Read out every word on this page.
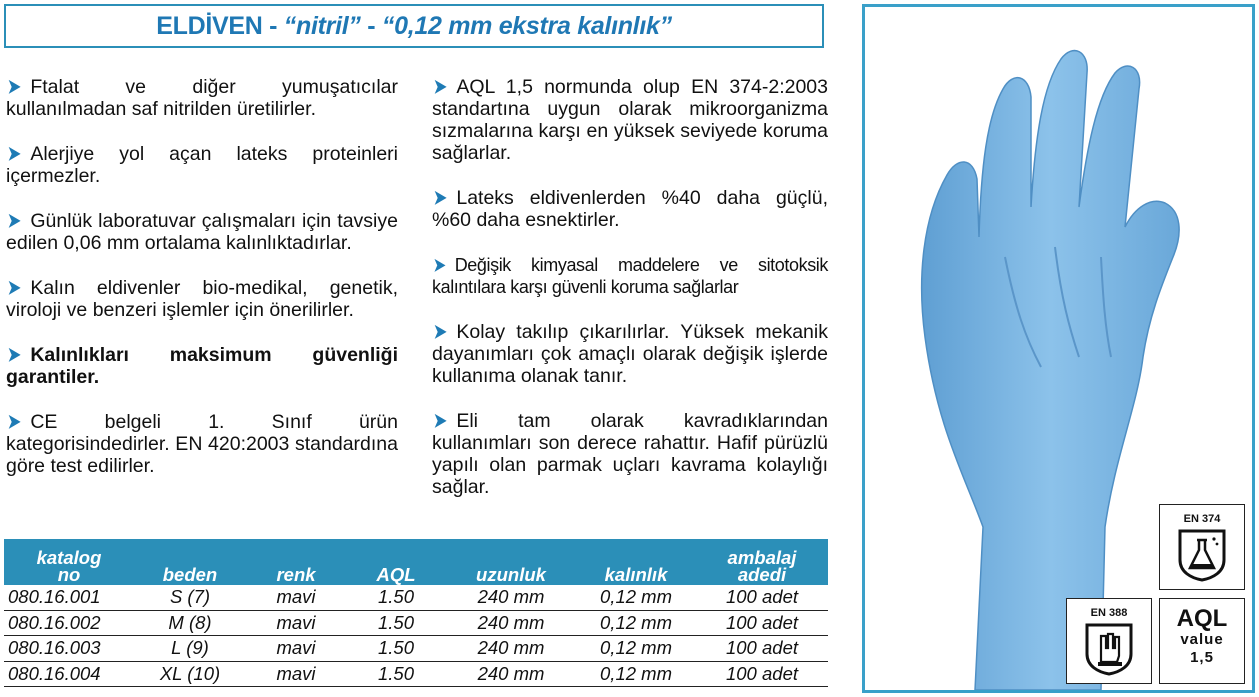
ELDİVEN - “nitril” - “0,12 mm ekstra kalınlık”
➤ Ftalat ve diğer yumuşatıcılar kullanılmadan saf nitrilden üretilirler.
➤ Alerjiye yol açan lateks proteinleri içermezler.
➤ Günlük laboratuvar çalışmaları için tavsiye edilen 0,06 mm ortalama kalınlıktadırlar.
➤ Kalın eldivenler bio-medikal, genetik, viroloji ve benzeri işlemler için önerilirler.
➤ Kalınlıkları maksimum güvenliği garantiler.
➤ CE belgeli 1. Sınıf ürün kategorisindedirler. EN 420:2003 standardına göre test edilirler.
➤ AQL 1,5 normunda olup EN 374-2:2003 standartına uygun olarak mikroorganizma sızmalarına karşı en yüksek seviyede koruma sağlarlar.
➤ Lateks eldivenlerden %40 daha güçlü, %60 daha esnektirler.
➤ Değişik kimyasal maddelere ve sitotoksik kalıntılara karşı güvenli koruma sağlarlar
➤ Kolay takılıp çıkarılırlar. Yüksek mekanik dayanımları çok amaçlı olarak değişik işlerde kullanıma olanak tanır.
➤ Eli tam olarak kavradıklarından kullanımları son derece rahattır. Hafif pürüzlü yapılı olan parmak uçları kavrama kolaylığı sağlar.
katalog
no	beden	renk	AQL	uzunluk	kalınlık	ambalaj
adedi
080.16.001	S (7)	mavi	1.50	240 mm	0,12 mm	100 adet
080.16.002	M (8)	mavi	1.50	240 mm	0,12 mm	100 adet
080.16.003	L (9)	mavi	1.50	240 mm	0,12 mm	100 adet
080.16.004	XL (10)	mavi	1.50	240 mm	0,12 mm	100 adet
EN 374
EN 388	AQL
value
1,5
